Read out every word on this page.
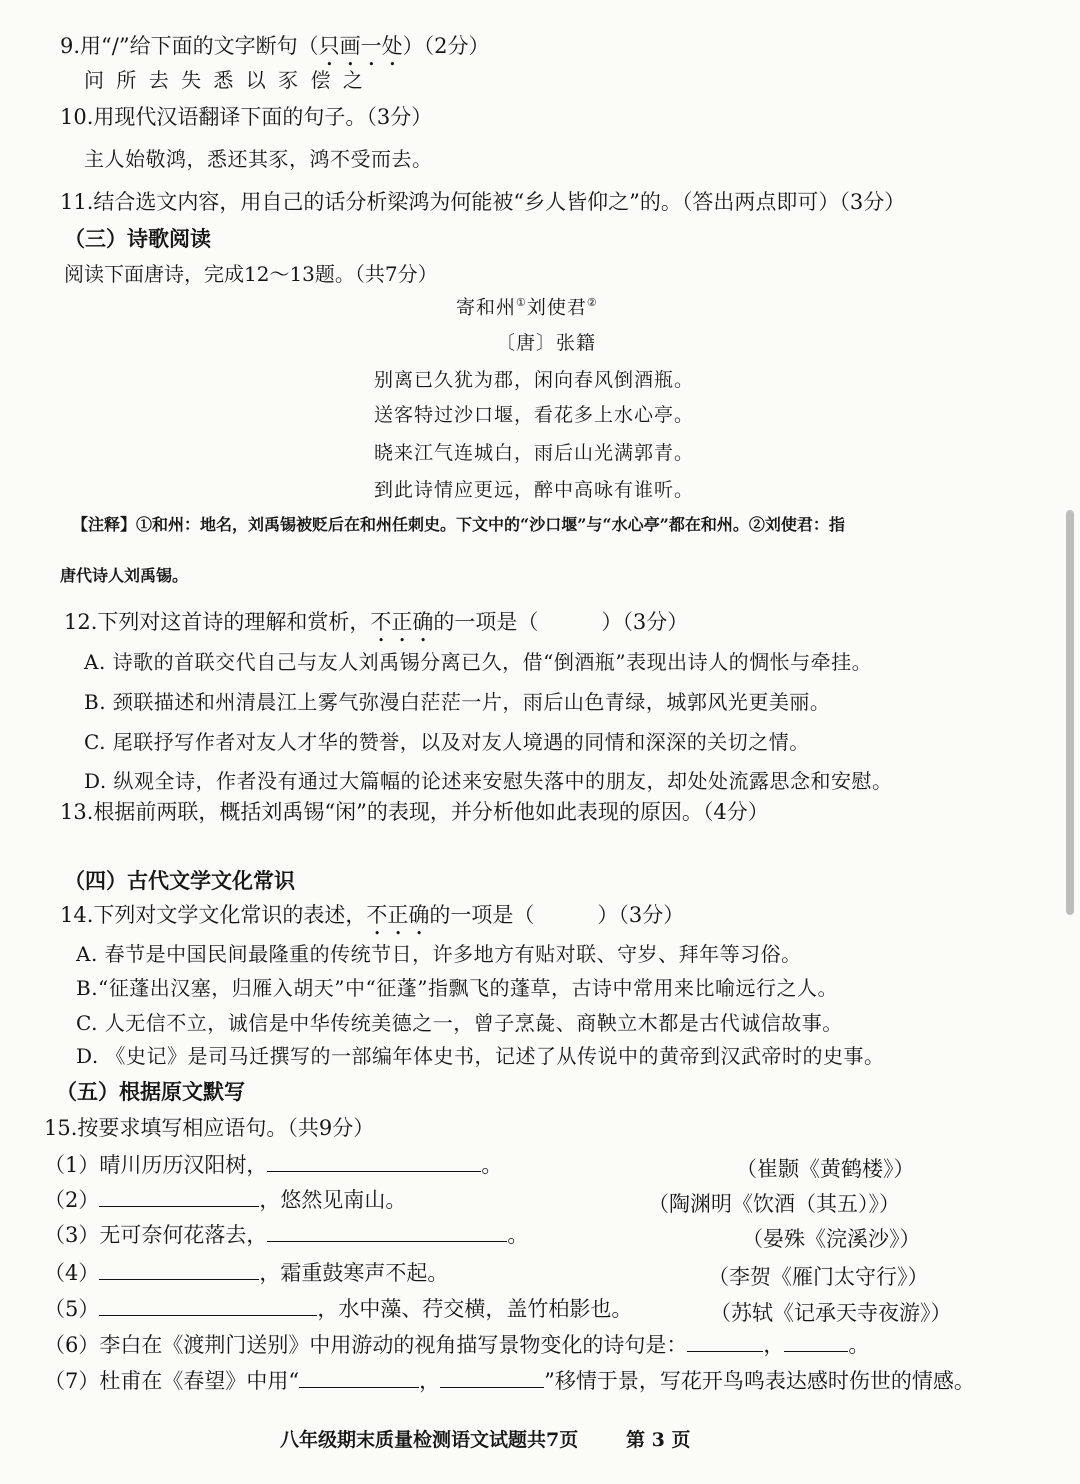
9.用“/”给下面的文字断句（只画一处）（2分）
问 所 去 失 悉 以 豕 偿 之
10.用现代汉语翻译下面的句子。（3分）
主人始敬鸿，悉还其豕，鸿不受而去。
11.结合选文内容，用自己的话分析梁鸿为何能被“乡人皆仰之”的。（答出两点即可）（3分）
（三）诗歌阅读
阅读下面唐诗，完成12～13题。（共7分）
寄和州①刘使君②
〔唐〕张籍
别离已久犹为郡，闲向春风倒酒瓶。
送客特过沙口堰，看花多上水心亭。
晓来江气连城白，雨后山光满郭青。
到此诗情应更远，醉中高咏有谁听。
【注释】①和州：地名，刘禹锡被贬后在和州任刺史。下文中的“沙口堰”与“水心亭”都在和州。②刘使君：指
唐代诗人刘禹锡。
12.下列对这首诗的理解和赏析，不正确的一项是（　　　）（3分）
A. 诗歌的首联交代自己与友人刘禹锡分离已久，借“倒酒瓶”表现出诗人的惆怅与牵挂。
B. 颈联描述和州清晨江上雾气弥漫白茫茫一片，雨后山色青绿，城郭风光更美丽。
C. 尾联抒写作者对友人才华的赞誉，以及对友人境遇的同情和深深的关切之情。
D. 纵观全诗，作者没有通过大篇幅的论述来安慰失落中的朋友，却处处流露思念和安慰。
13.根据前两联，概括刘禹锡“闲”的表现，并分析他如此表现的原因。（4分）
（四）古代文学文化常识
14.下列对文学文化常识的表述，不正确的一项是（　　　）（3分）
A. 春节是中国民间最隆重的传统节日，许多地方有贴对联、守岁、拜年等习俗。
B.“征蓬出汉塞，归雁入胡天”中“征蓬”指飘飞的蓬草，古诗中常用来比喻远行之人。
C. 人无信不立，诚信是中华传统美德之一，曾子烹彘、商鞅立木都是古代诚信故事。
D. 《史记》是司马迁撰写的一部编年体史书，记述了从传说中的黄帝到汉武帝时的史事。
（五）根据原文默写
15.按要求填写相应语句。（共9分）
（1）晴川历历汉阳树，	。	（崔颢《黄鹤楼》）
（2）	，悠然见南山。	（陶渊明《饮酒（其五）》）
（3）无可奈何花落去，	。	（晏殊《浣溪沙》）
（4）	，霜重鼓寒声不起。	（李贺《雁门太守行》）
（5）	，水中藻、荇交横，盖竹柏影也。	（苏轼《记承天寺夜游》）
（6）李白在《渡荆门送别》中用游动的视角描写景物变化的诗句是：	，	。
（7）杜甫在《春望》中用“	，	”移情于景，写花开鸟鸣表达感时伤世的情感。
八年级期末质量检测语文试题共7页	第 3 页
